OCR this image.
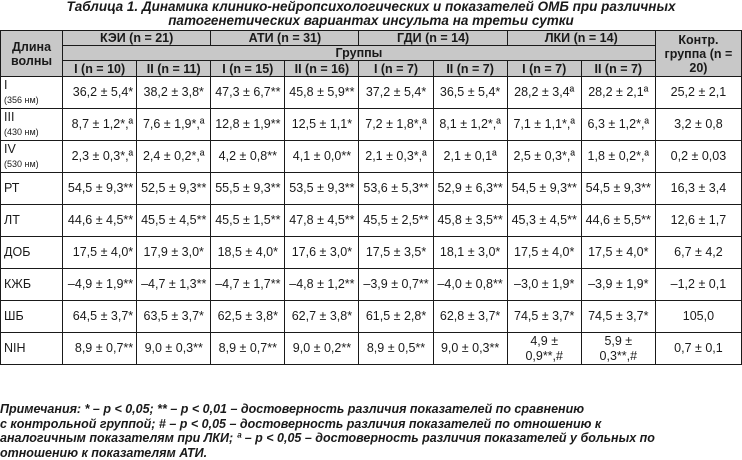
Таблица 1. Динамика клинико-нейропсихологических и показателей ОМБ при различных
патогенетических вариантах инсульта на третьи сутки
Длина волны	КЭИ (n = 21)		АТИ (n = 31)		ГДИ (n = 14)		ЛКИ (n = 14)		Контр. группа (n = 20)
	Группы								
	I (n = 10)	II (n = 11)	I (n = 15)	II (n = 16)	I (n = 7)	II (n = 7)	I (n = 7)	II (n = 7)	

I
(356 нм)	36,2 ± 5,4*	38,2 ± 3,8*	47,3 ± 6,7**	45,8 ± 5,9**	37,2 ± 5,4*	36,5 ± 5,4*	28,2 ± 3,4ª	28,2 ± 2,1ª	25,2 ± 2,1

III
(430 нм)	8,7 ± 1,2*,ª	7,6 ± 1,9*,ª	12,8 ± 1,9**	12,5 ± 1,1*	7,2 ± 1,8*,ª	8,1 ± 1,2*,ª	7,1 ± 1,1*,ª	6,3 ± 1,2*,ª	3,2 ± 0,8

IV
(530 нм)	2,3 ± 0,3*,ª	2,4 ± 0,2*,ª	4,2 ± 0,8**	4,1 ± 0,0**	2,1 ± 0,3*,ª	2,1 ± 0,1ª	2,5 ± 0,3*,ª	1,8 ± 0,2*,ª	0,2 ± 0,03

РТ	54,5 ± 9,3**	52,5 ± 9,3**	55,5 ± 9,3**	53,5 ± 9,3**	53,6 ± 5,3**	52,9 ± 6,3**	54,5 ± 9,3**	54,5 ± 9,3**	16,3 ± 3,4

ЛТ	44,6 ± 4,5**	45,5 ± 4,5**	45,5 ± 1,5**	47,8 ± 4,5**	45,5 ± 2,5**	45,8 ± 3,5**	45,3 ± 4,5**	44,6 ± 5,5**	12,6 ± 1,7

ДОБ	17,5 ± 4,0*	17,9 ± 3,0*	18,5 ± 4,0*	17,6 ± 3,0*	17,5 ± 3,5*	18,1 ± 3,0*	17,5 ± 4,0*	17,5 ± 4,0*	6,7 ± 4,2

КЖБ	–4,9 ± 1,9**	–4,7 ± 1,3**	–4,7 ± 1,7**	–4,8 ± 1,2**	–3,9 ± 0,7**	–4,0 ± 0,8**	–3,0 ± 1,9*	–3,9 ± 1,9*	–1,2 ± 0,1

ШБ	64,5 ± 3,7*	63,5 ± 3,7*	62,5 ± 3,8*	62,7 ± 3,8*	61,5 ± 2,8*	62,8 ± 3,7*	74,5 ± 3,7*	74,5 ± 3,7*	105,0

NIH	8,9 ± 0,7**	9,0 ± 0,3**	8,9 ± 0,7**	9,0 ± 0,2**	8,9 ± 0,5**	9,0 ± 0,3**	4,9 ± 0,9**,#	5,9 ± 0,3**,#	0,7 ± 0,1
Примечания: * – p < 0,05; ** – p < 0,01 – достоверность различия показателей по сравнению
с контрольной группой; # – p < 0,05 – достоверность различия показателей по отношению к
аналогичным показателям при ЛКИ; ª – p < 0,05 – достоверность различия показателей у больных по
отношению к показателям АТИ.
